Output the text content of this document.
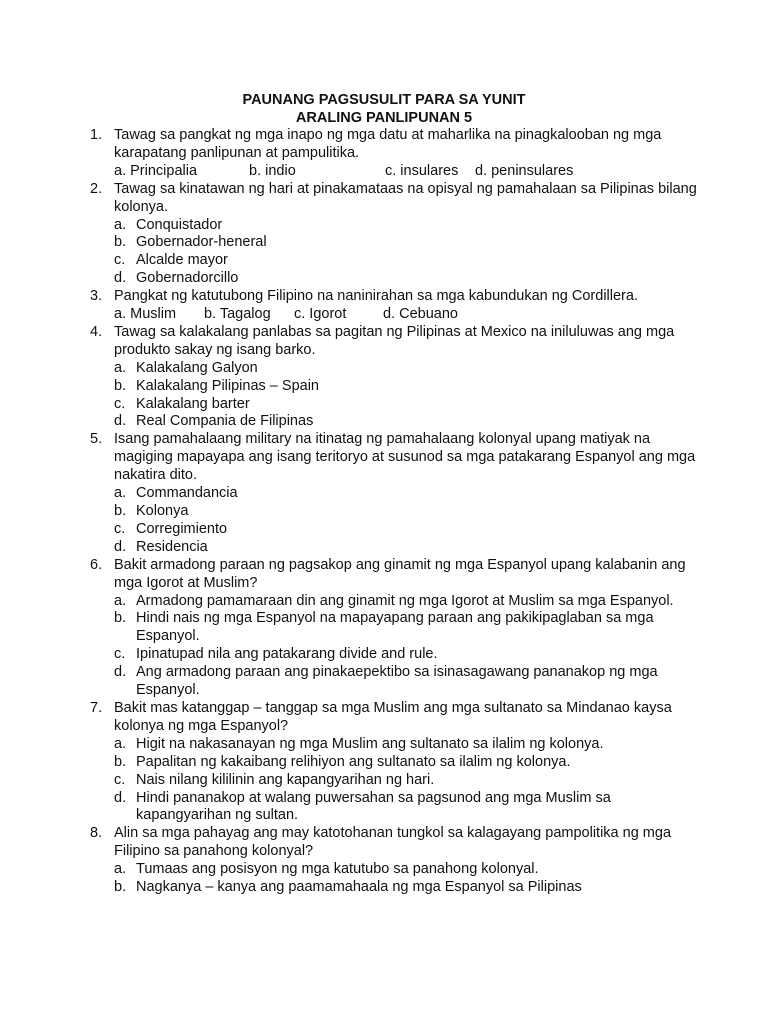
PAUNANG PAGSUSULIT PARA SA YUNIT
ARALING PANLIPUNAN 5
1. Tawag sa pangkat ng mga inapo ng mga datu at maharlika na pinagkalooban ng mga karapatang panlipunan at pampulitika.
a. Principalia	b. indio	c. insulares d. peninsulares
2. Tawag sa kinatawan ng hari at pinakamataas na opisyal ng pamahalaan sa Pilipinas bilang kolonya.
a. Conquistador
b. Gobernador-heneral
c. Alcalde mayor
d. Gobernadorcillo
3. Pangkat ng katutubong Filipino na naninirahan sa mga kabundukan ng Cordillera.
a. Muslim b. Tagalog c. Igorot	d. Cebuano
4. Tawag sa kalakalang panlabas sa pagitan ng Pilipinas at Mexico na iniluluwas ang mga produkto sakay ng isang barko.
a. Kalakalang Galyon
b. Kalakalang Pilipinas – Spain
c. Kalakalang barter
d. Real Compania de Filipinas
5. Isang pamahalaang military na itinatag ng pamahalaang kolonyal upang matiyak na magiging mapayapa ang isang teritoryo at susunod sa mga patakarang Espanyol ang mga nakatira dito.
a. Commandancia
b. Kolonya
c. Corregimiento
d. Residencia
6. Bakit armadong paraan ng pagsakop ang ginamit ng mga Espanyol upang kalabanin ang mga Igorot at Muslim?
a. Armadong pamamaraan din ang ginamit ng mga Igorot at Muslim sa mga Espanyol.
b. Hindi nais ng mga Espanyol na mapayapang paraan ang pakikipaglaban sa mga Espanyol.
c. Ipinatupad nila ang patakarang divide and rule.
d. Ang armadong paraan ang pinakaepektibo sa isinasagawang pananakop ng mga Espanyol.
7. Bakit mas katanggap – tanggap sa mga Muslim ang mga sultanato sa Mindanao kaysa kolonya ng mga Espanyol?
a. Higit na nakasanayan ng mga Muslim ang sultanato sa ilalim ng kolonya.
b. Papalitan ng kakaibang relihiyon ang sultanato sa ilalim ng kolonya.
c. Nais nilang kililinin ang kapangyarihan ng hari.
d. Hindi pananakop at walang puwersahan sa pagsunod ang mga Muslim sa kapangyarihan ng sultan.
8. Alin sa mga pahayag ang may katotohanan tungkol sa kalagayang pampolitika ng mga Filipino sa panahong kolonyal?
a. Tumaas ang posisyon ng mga katutubo sa panahong kolonyal.
b. Nagkanya – kanya ang paamamahaala ng mga Espanyol sa Pilipinas
